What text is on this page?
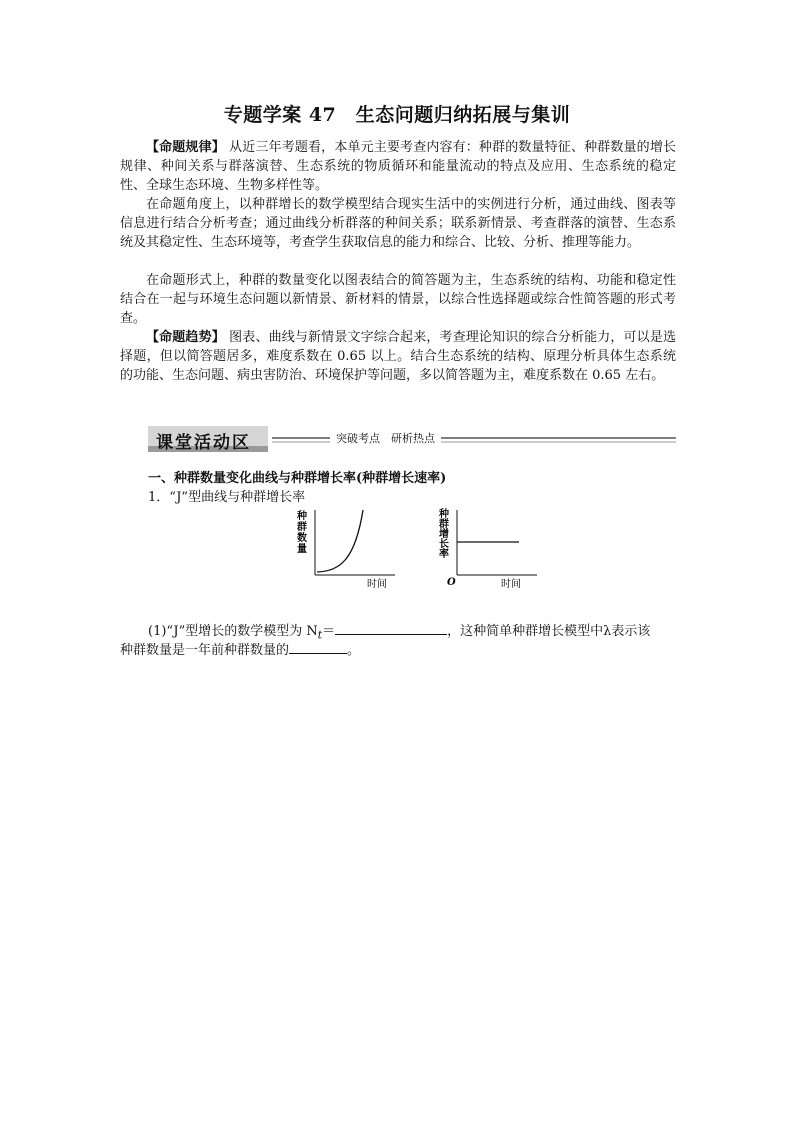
专题学案 47　生态问题归纳拓展与集训
【命题规律】 从近三年考题看，本单元主要考查内容有：种群的数量特征、种群数量的增长规律、种间关系与群落演替、生态系统的物质循环和能量流动的特点及应用、生态系统的稳定性、全球生态环境、生物多样性等。
在命题角度上，以种群增长的数学模型结合现实生活中的实例进行分析，通过曲线、图表等信息进行结合分析考查；通过曲线分析群落的种间关系；联系新情景、考查群落的演替、生态系统及其稳定性、生态环境等，考查学生获取信息的能力和综合、比较、分析、推理等能力。
在命题形式上，种群的数量变化以图表结合的简答题为主，生态系统的结构、功能和稳定性结合在一起与环境生态问题以新情景、新材料的情景，以综合性选择题或综合性简答题的形式考查。
【命题趋势】 图表、曲线与新情景文字综合起来，考查理论知识的综合分析能力，可以是选择题，但以简答题居多，难度系数在 0.65 以上。结合生态系统的结构、原理分析具体生态系统的功能、生态问题、病虫害防治、环境保护等问题，多以简答题为主，难度系数在 0.65 左右。
课堂活动区	突破考点　研析热点
一、种群数量变化曲线与种群增长率(种群增长速率)
1．“J”型曲线与种群增长率
种
群
数
量
时间
种
群
增
长
率
O	时间
(1)“J”型增长的数学模型为 $N_t=$	，这种简单种群增长模型中λ表示该
种群数量是一年前种群数量的	。
